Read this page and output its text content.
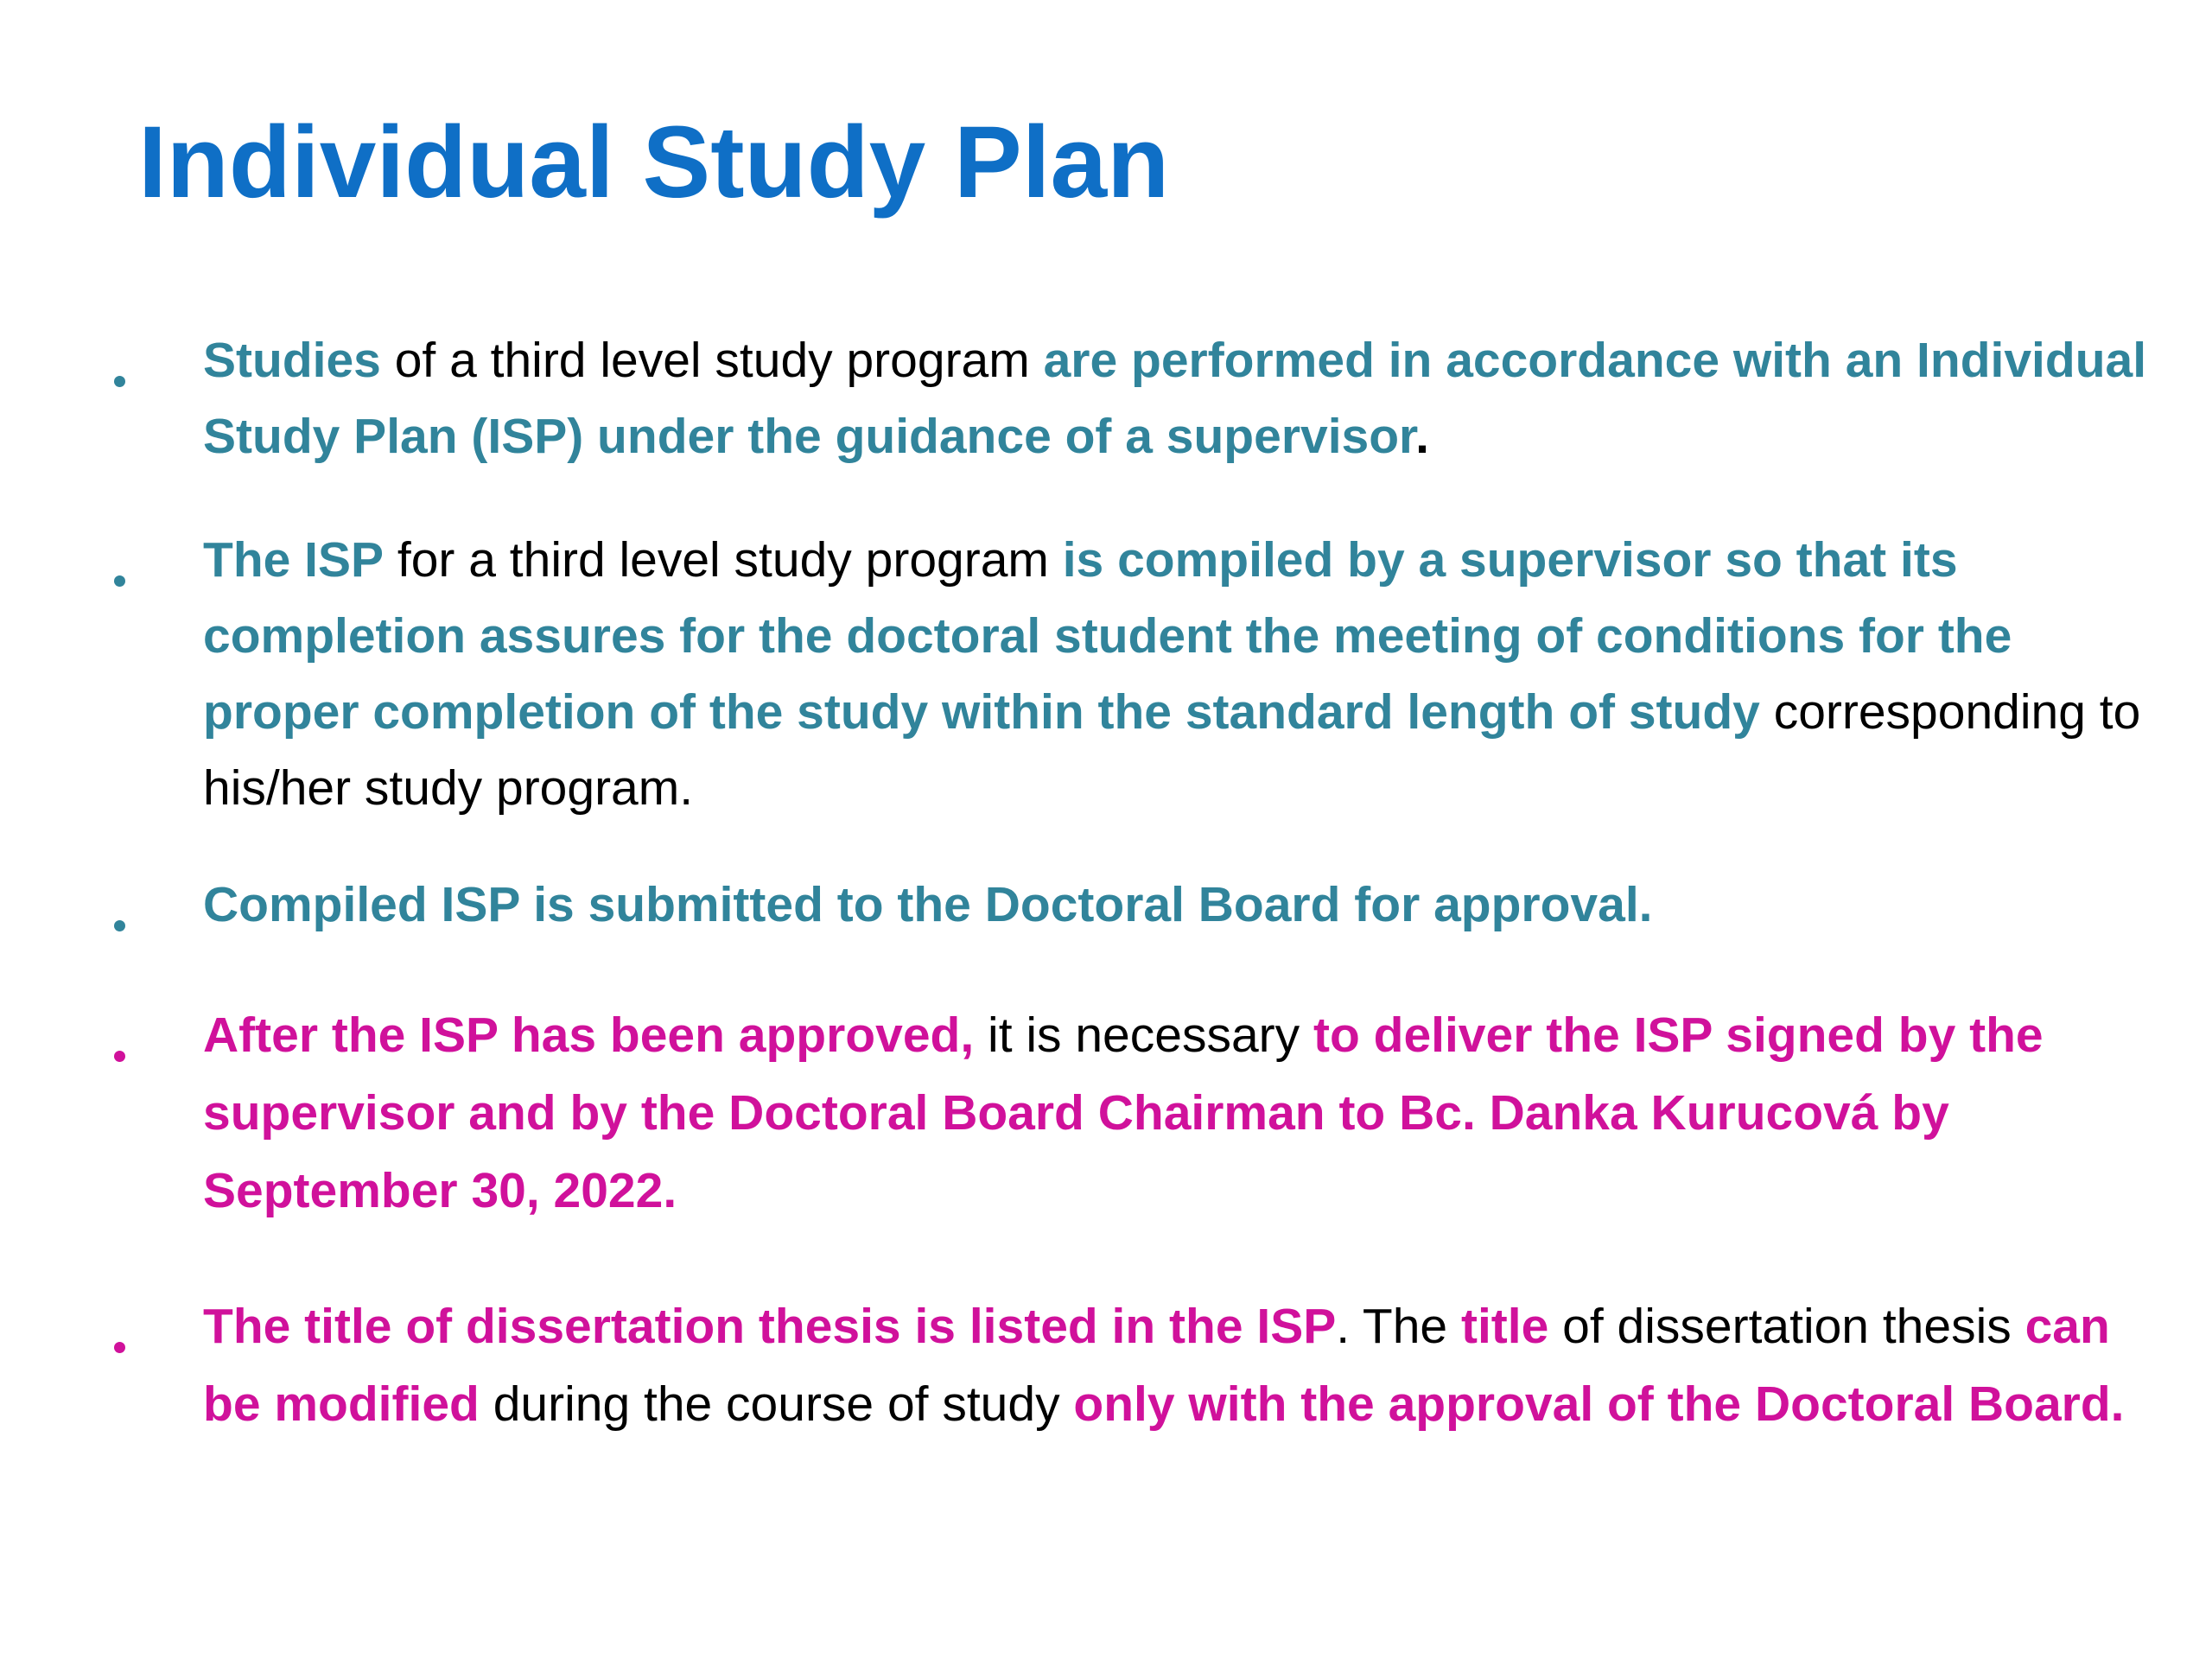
Individual Study Plan

Studies of a third level study program are performed in accordance with an Individual Study Plan (ISP) under the guidance of a supervisor.

The ISP for a third level study program is compiled by a supervisor so that its completion assures for the doctoral student the meeting of conditions for the proper completion of the study within the standard length of study corresponding to his/her study program.

Compiled ISP is submitted to the Doctoral Board for approval.

After the ISP has been approved, it is necessary to deliver the ISP signed by the supervisor and by the Doctoral Board Chairman to Bc. Danka Kurucová by September 30, 2022.

The title of dissertation thesis is listed in the ISP. The title of dissertation thesis can be modified during the course of study only with the approval of the Doctoral Board.
